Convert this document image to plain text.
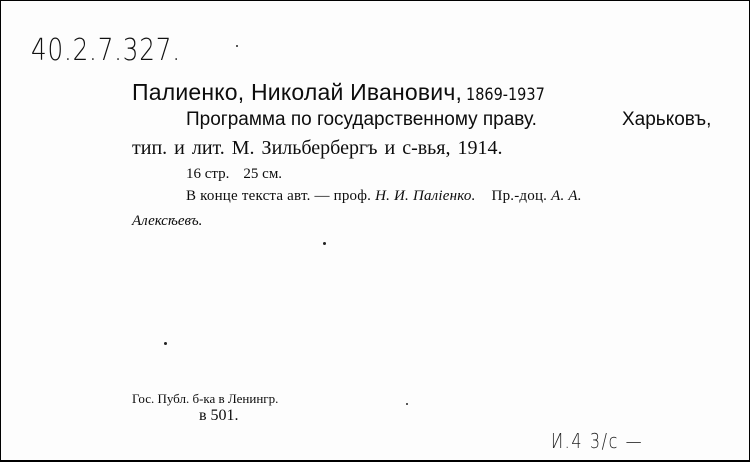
40.2.7.327.
Палиенко, Николай Иванович, 1869-1937
Программа по государственному праву.	Харьковъ,
тип. и лит. М. Зильбербергъ и с-вья, 1914.
16 стр. 25 см.
В конце текста авт. — проф. Н. И. Паліенко. Пр.-доц. А. А.
Алексѣевъ.
Гос. Публ. б-ка в Ленингр.
в 501.
И.4 3/с —
